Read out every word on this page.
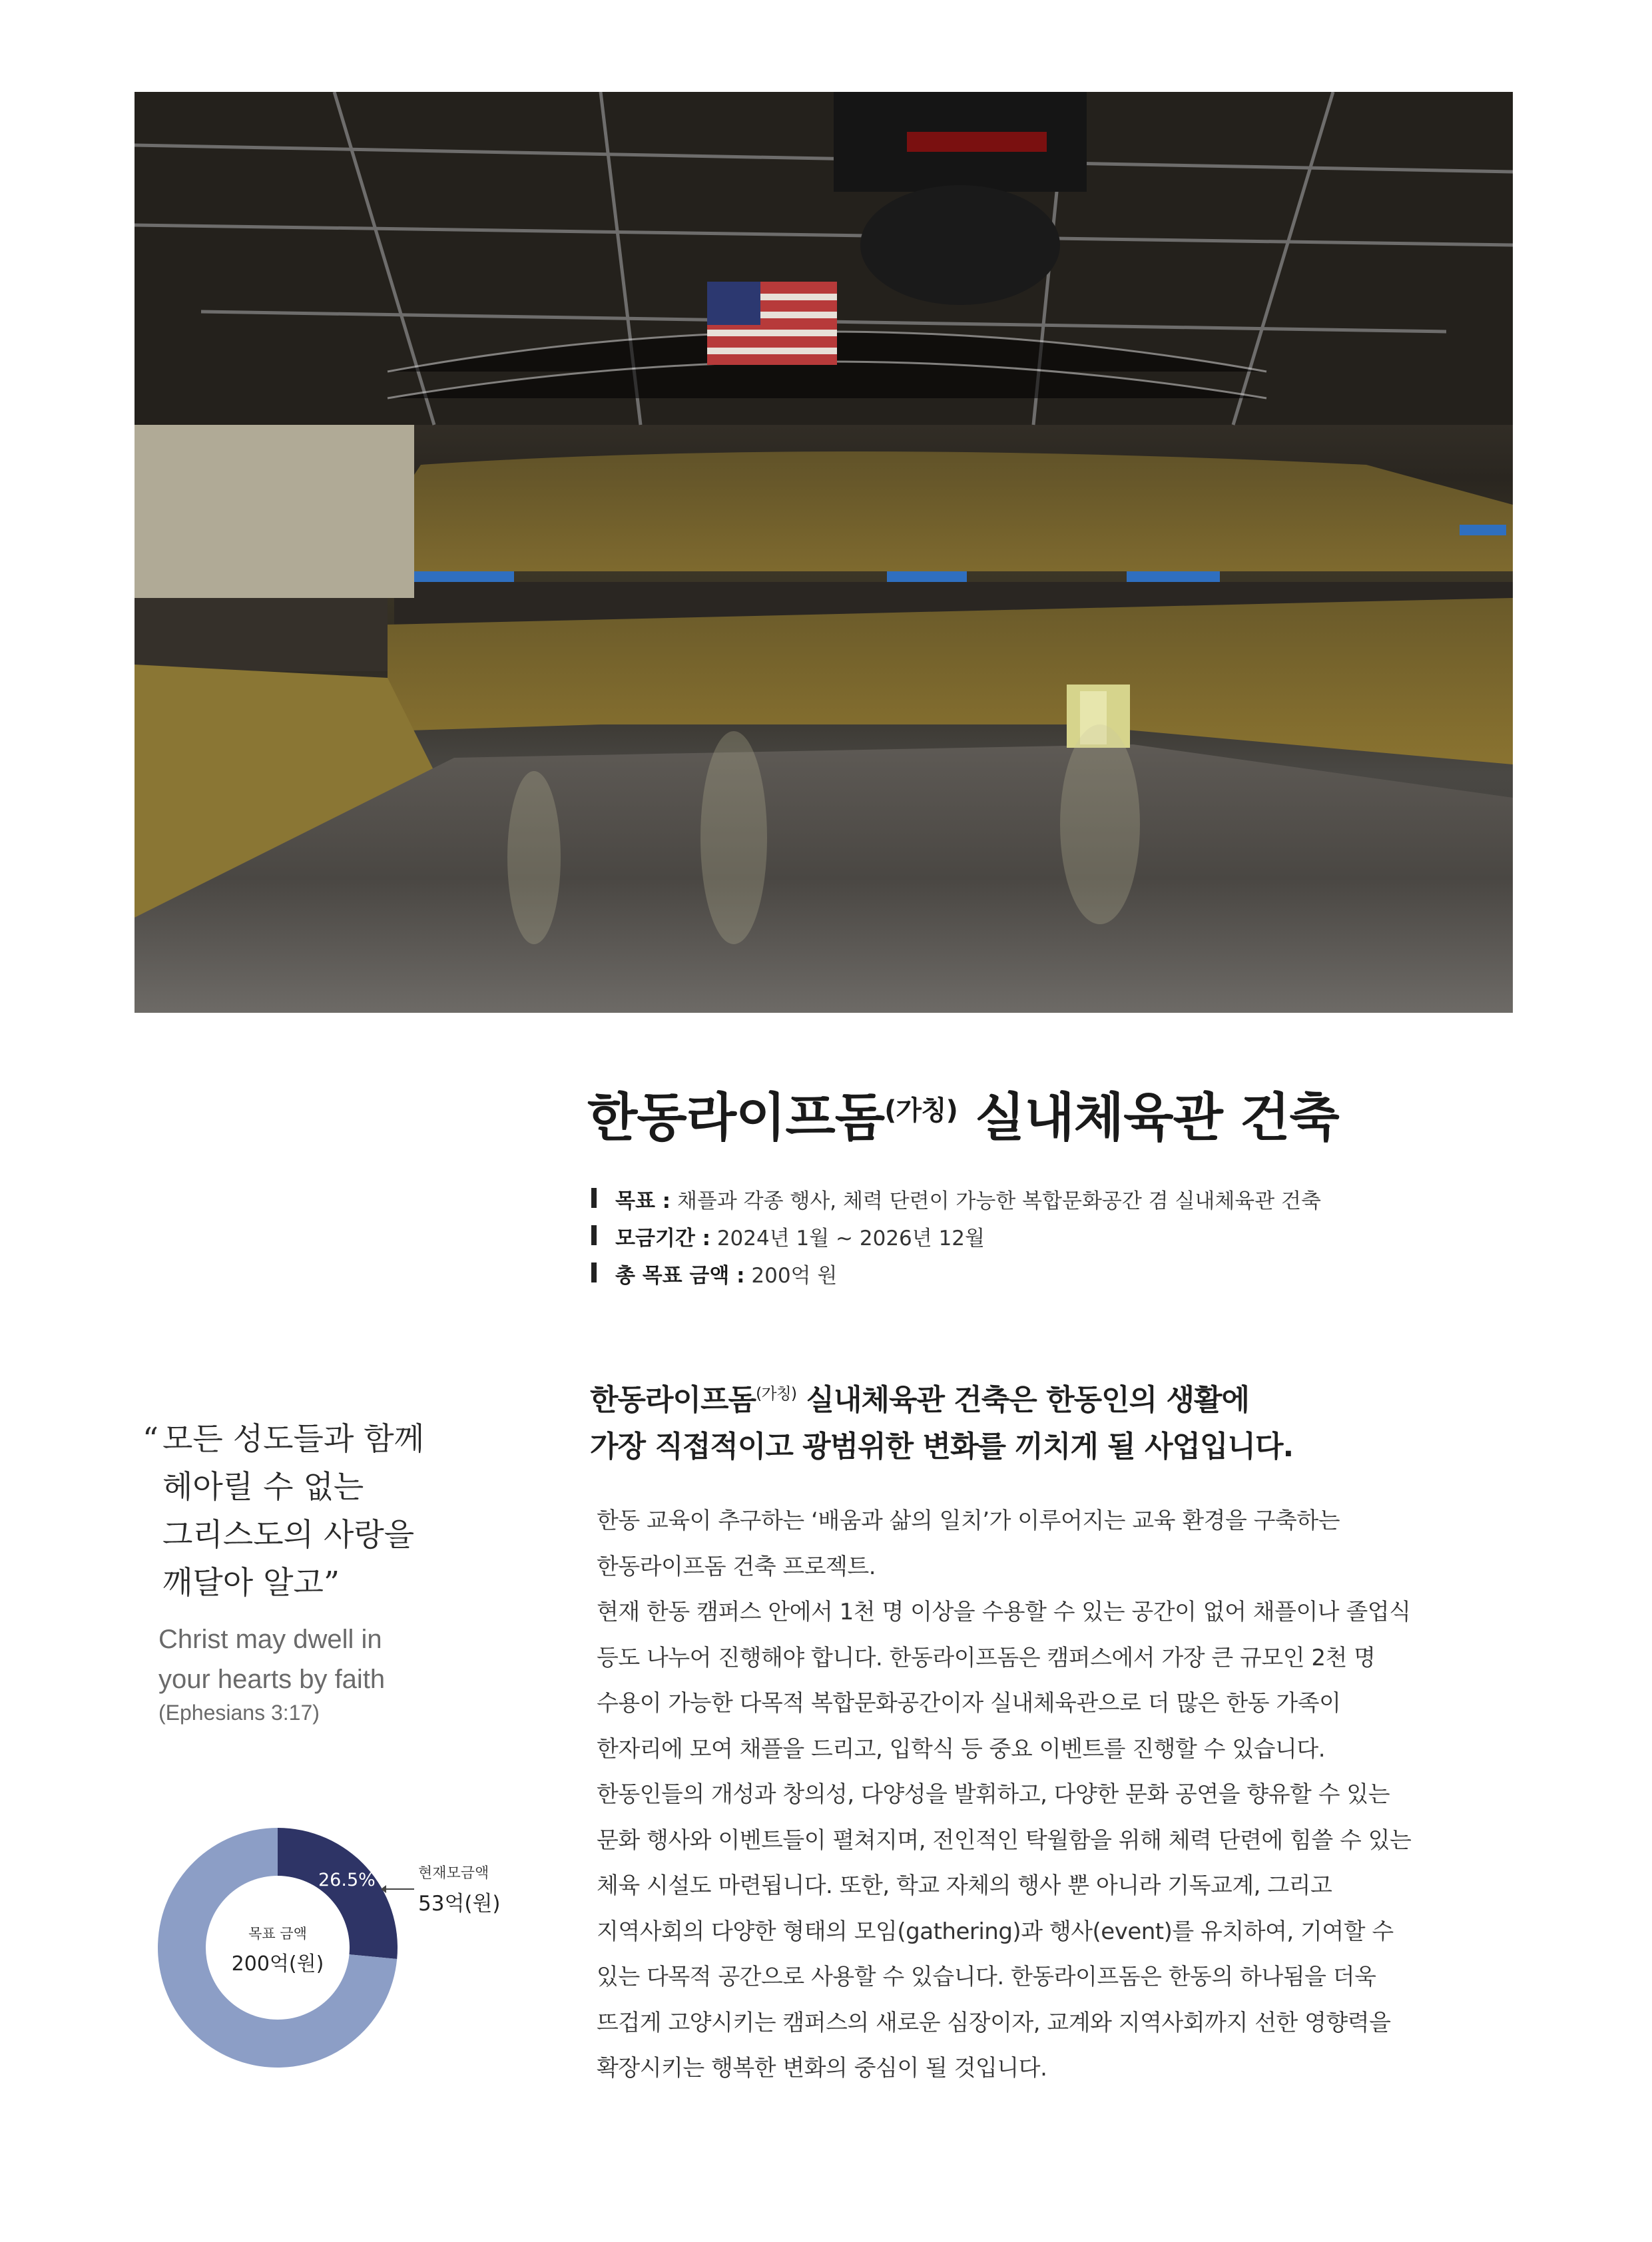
한동라이프돔$^{(가칭)}$ 실내체육관 건축
목표 : 채플과 각종 행사, 체력 단련이 가능한 복합문화공간 겸 실내체육관 건축
모금기간 : 2024년 1월 ~ 2026년 12월
총 목표 금액 : 200억 원
한동라이프돔$^{(가칭)}$ 실내체육관 건축은 한동인의 생활에
가장 직접적이고 광범위한 변화를 끼치게 될 사업입니다.
한동 교육이 추구하는 ‘배움과 삶의 일치’가 이루어지는 교육 환경을 구축하는
한동라이프돔 건축 프로젝트.
현재 한동 캠퍼스 안에서 1천 명 이상을 수용할 수 있는 공간이 없어 채플이나 졸업식
등도 나누어 진행해야 합니다. 한동라이프돔은 캠퍼스에서 가장 큰 규모인 2천 명
수용이 가능한 다목적 복합문화공간이자 실내체육관으로 더 많은 한동 가족이
한자리에 모여 채플을 드리고, 입학식 등 중요 이벤트를 진행할 수 있습니다.
한동인들의 개성과 창의성, 다양성을 발휘하고, 다양한 문화 공연을 향유할 수 있는
문화 행사와 이벤트들이 펼쳐지며, 전인적인 탁월함을 위해 체력 단련에 힘쓸 수 있는
체육 시설도 마련됩니다. 또한, 학교 자체의 행사 뿐 아니라 기독교계, 그리고
지역사회의 다양한 형태의 모임(gathering)과 행사(event)를 유치하여, 기여할 수
있는 다목적 공간으로 사용할 수 있습니다. 한동라이프돔은 한동의 하나됨을 더욱
뜨겁게 고양시키는 캠퍼스의 새로운 심장이자, 교계와 지역사회까지 선한 영향력을
확장시키는 행복한 변화의 중심이 될 것입니다.
“ 모든 성도들과 함께
헤아릴 수 없는
그리스도의 사랑을
깨달아 알고”
Christ may dwell in
your hearts by faith
(Ephesians 3:17)
목표 금액
200억(원)
26.5%	현재모금액
53억(원)
